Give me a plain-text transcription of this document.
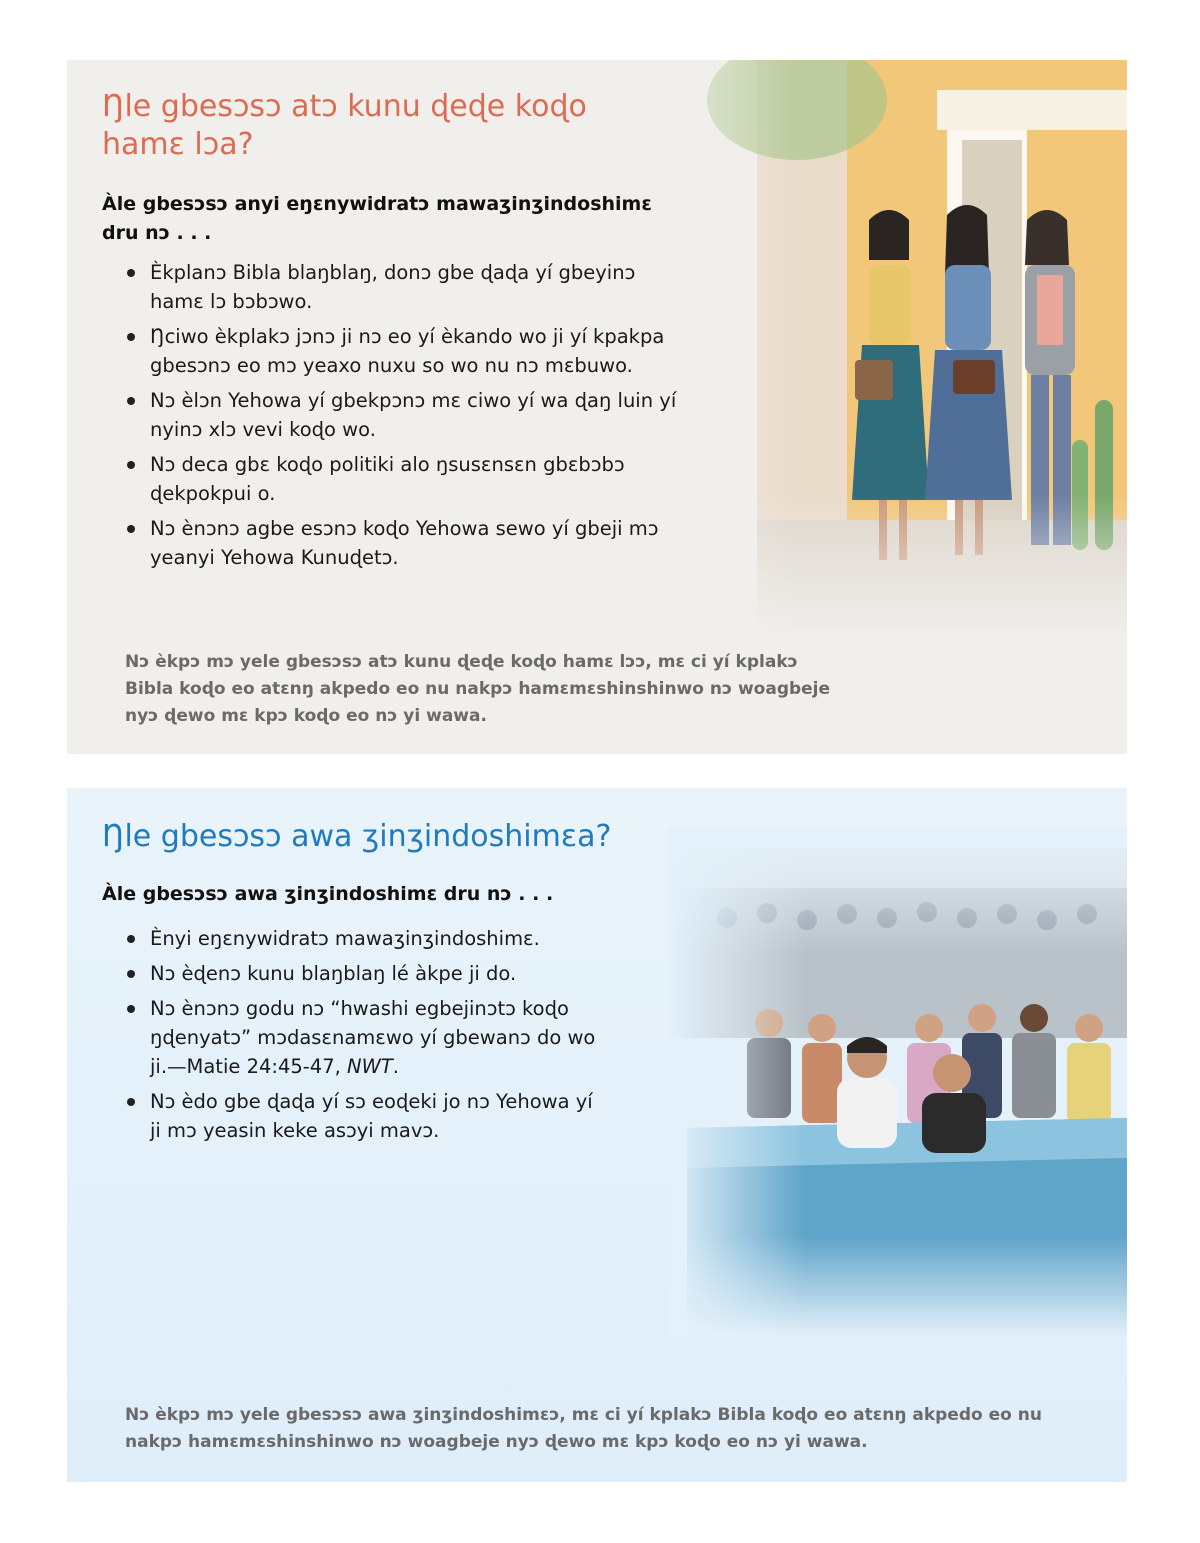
Ŋle gbesɔsɔ atɔ kunu ɖeɖe koɖo hamɛ lɔa?

Àle gbesɔsɔ anyi eŋɛnywidratɔ mawaʒinʒindoshimɛ dru nɔ . . .

Èkplanɔ Bibla blaŋblaŋ, donɔ gbe ɖaɖa yí gbeyinɔ hamɛ lɔ bɔbɔwo.
Ŋciwo èkplakɔ jɔnɔ ji nɔ eo yí èkando wo ji yí kpakpa gbesɔnɔ eo mɔ yeaxo nuxu so wo nu nɔ mɛbuwo.
Nɔ èlɔn Yehowa yí gbekpɔnɔ mɛ ciwo yí wa ɖaŋ luin yí nyinɔ xlɔ vevi koɖo wo.
Nɔ deca gbɛ koɖo politiki alo ŋsusɛnsɛn gbɛbɔbɔ ɖekpokpui o.
Nɔ ènɔnɔ agbe esɔnɔ koɖo Yehowa sewo yí gbeji mɔ yeanyi Yehowa Kunuɖetɔ.

Nɔ èkpɔ mɔ yele gbesɔsɔ atɔ kunu ɖeɖe koɖo hamɛ lɔɔ, mɛ ci yí kplakɔ Bibla koɖo eo atɛnŋ akpedo eo nu nakpɔ hamɛmɛshinshinwo nɔ woagbeje nyɔ ɖewo mɛ kpɔ koɖo eo nɔ yi wawa.

Ŋle gbesɔsɔ awa ʒinʒindoshimɛa?

Àle gbesɔsɔ awa ʒinʒindoshimɛ dru nɔ . . .

Ènyi eŋɛnywidratɔ mawaʒinʒindoshimɛ.
Nɔ èɖenɔ kunu blaŋblaŋ lé àkpe ji do.
Nɔ ènɔnɔ godu nɔ “hwashi egbejinɔtɔ koɖo ŋɖenyatɔ” mɔdasɛnamɛwo yí gbewanɔ do wo ji.—Matie 24:45-47, NWT.
Nɔ èdo gbe ɖaɖa yí sɔ eoɖeki jo nɔ Yehowa yí ji mɔ yeasin keke asɔyi mavɔ.

Nɔ èkpɔ mɔ yele gbesɔsɔ awa ʒinʒindoshimɛɔ, mɛ ci yí kplakɔ Bibla koɖo eo atɛnŋ akpedo eo nu nakpɔ hamɛmɛshinshinwo nɔ woagbeje nyɔ ɖewo mɛ kpɔ koɖo eo nɔ yi wawa.
